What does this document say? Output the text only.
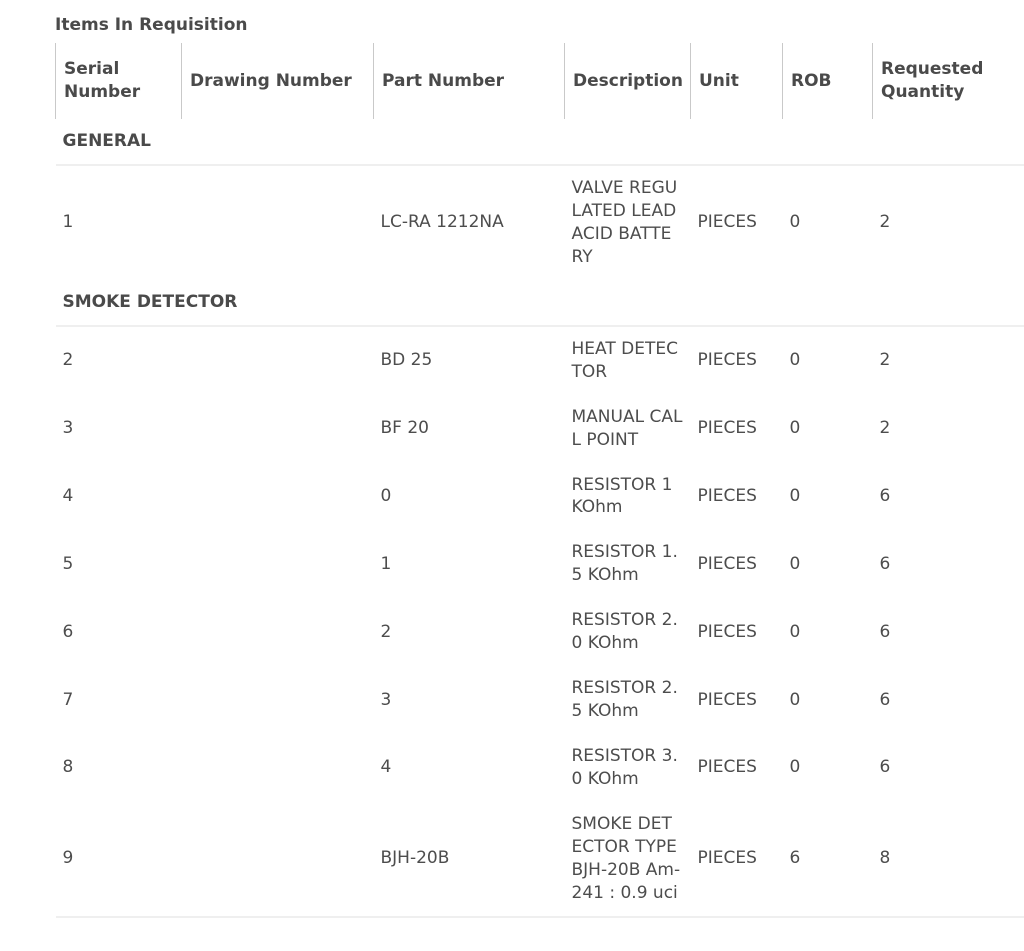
Items In Requisition
Serial Number	Drawing Number	Part Number	Description	Unit	ROB	Requested Quantity
GENERAL						
1		LC-RA 1212NA	VALVE REGULATED LEAD ACID BATTERY	PIECES	0	2
SMOKE DETECTOR						
2		BD 25	HEAT DETECTOR	PIECES	0	2
3		BF 20	MANUAL CALL POINT	PIECES	0	2
4		0	RESISTOR 1 KOhm	PIECES	0	6
5		1	RESISTOR 1.5 KOhm	PIECES	0	6
6		2	RESISTOR 2.0 KOhm	PIECES	0	6
7		3	RESISTOR 2.5 KOhm	PIECES	0	6
8		4	RESISTOR 3.0 KOhm	PIECES	0	6
9		BJH-20B	SMOKE DETECTOR TYPE BJH-20B Am-241 : 0.9 uci	PIECES	6	8
